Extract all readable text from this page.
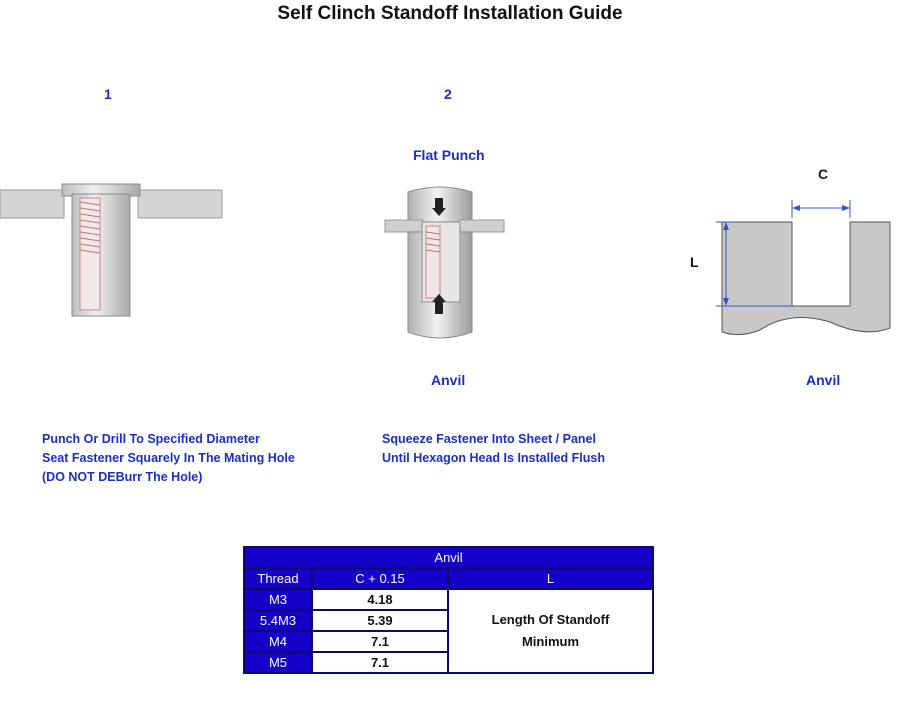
Self Clinch Standoff Installation Guide
1	2
Flat Punch
Anvil
C
L
Anvil
Punch Or Drill To Specified Diameter
Seat Fastener Squarely In The Mating Hole
(DO NOT DEBurr The Hole)
Squeeze Fastener Into Sheet / Panel
Until Hexagon Head Is Installed Flush
Anvil		
Thread	C + 0.15	L
M3	4.18	Length Of Standoff
Minimum

5.4M3	5.39	
M4	7.1	
M5	7.1	
